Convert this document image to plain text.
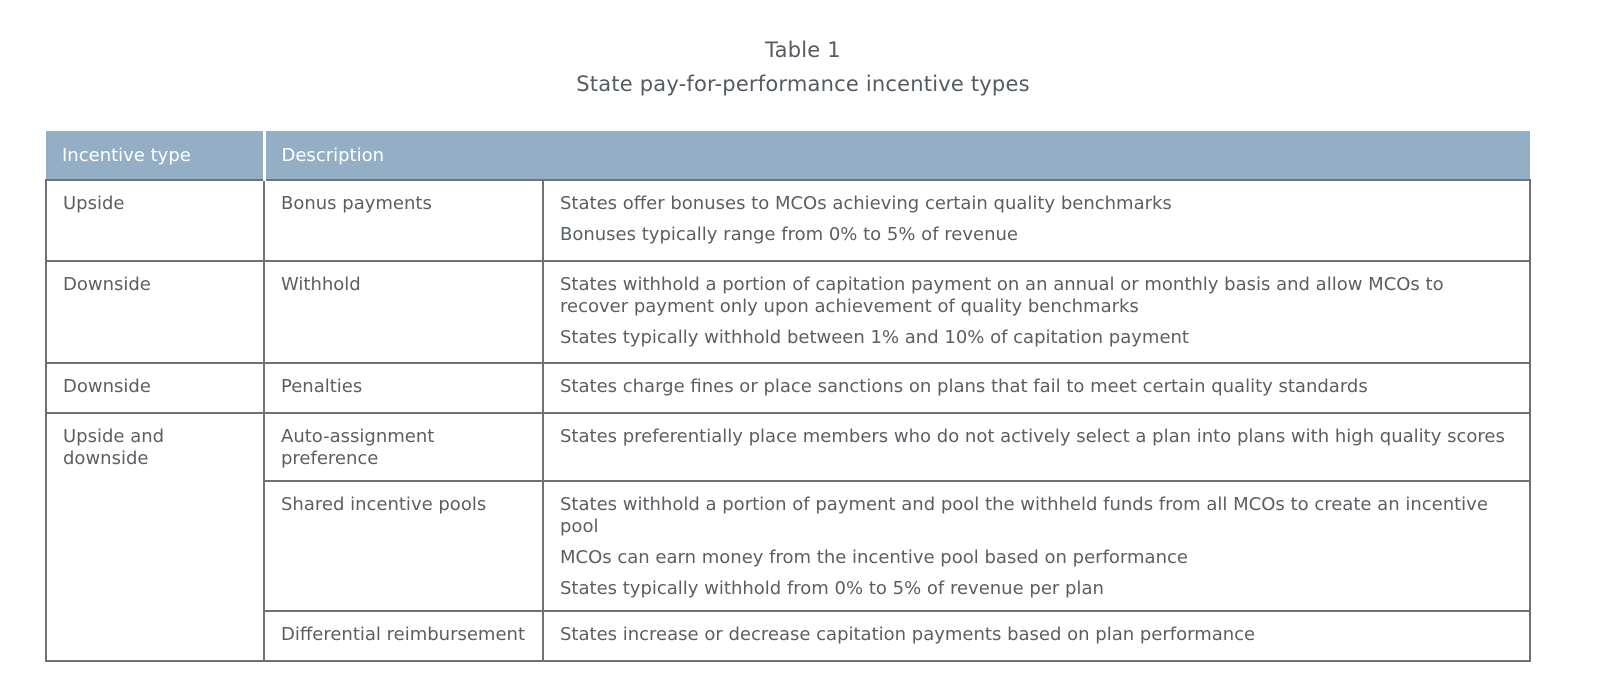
Table 1
State pay-for-performance incentive types
Incentive type	Description	
Upside	Bonus payments	States offer bonuses to MCOs achieving certain quality benchmarks
Bonuses typically range from 0% to 5% of revenue

Downside	Withhold	States withhold a portion of capitation payment on an annual or monthly basis and allow MCOs to recover payment only upon achievement of quality benchmarks
States typically withhold between 1% and 10% of capitation payment

Downside	Penalties	States charge fines or place sanctions on plans that fail to meet certain quality standards

Upside and downside	Auto-assignment preference	States preferentially place members who do not actively select a plan into plans with high quality scores

	Shared incentive pools	States withhold a portion of payment and pool the withheld funds from all MCOs to create an incentive pool
MCOs can earn money from the incentive pool based on performance
States typically withhold from 0% to 5% of revenue per plan

	Differential reimbursement	States increase or decrease capitation payments based on plan performance
